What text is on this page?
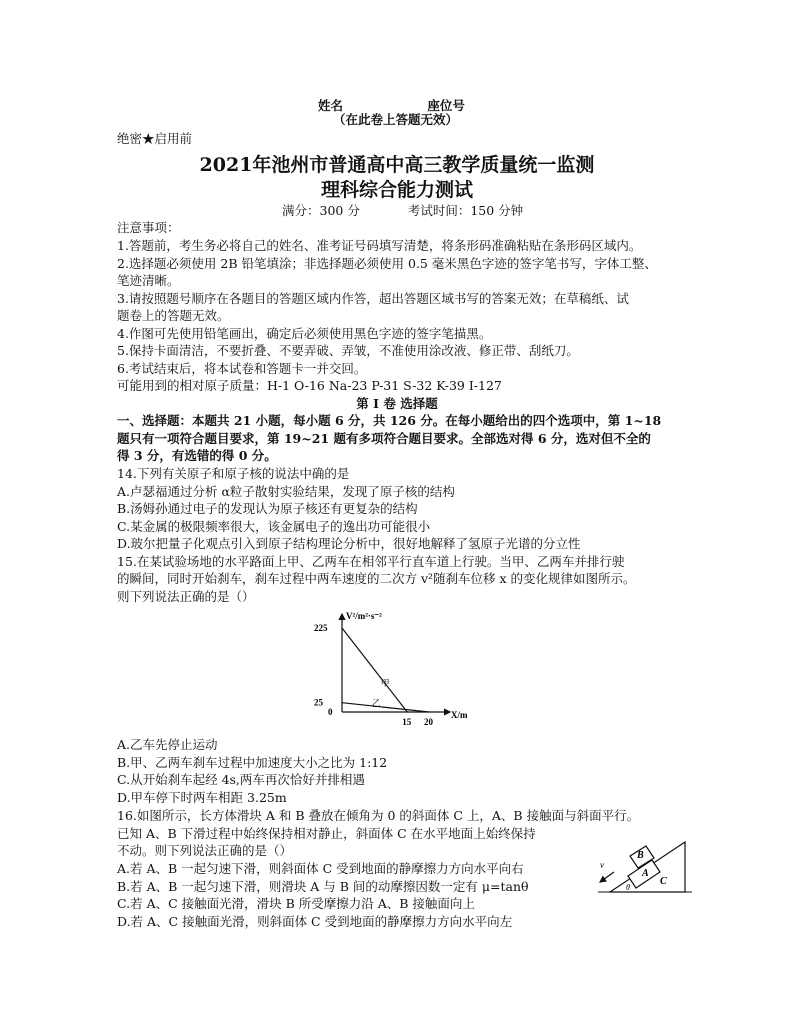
姓名	座位号
（在此卷上答题无效）
绝密★启用前
2021年池州市普通高中高三教学质量统一监测
理科综合能力测试
满分：300 分	考试时间：150 分钟
注意事项：
1.答题前，考生务必将自己的姓名、准考证号码填写清楚，将条形码准确粘贴在条形码区域内。
2.选择题必须使用 2B 铅笔填涂；非选择题必须使用 0.5 毫米黑色字迹的签字笔书写，字体工整、
笔迹清晰。
3.请按照题号顺序在各题目的答题区域内作答，超出答题区域书写的答案无效；在草稿纸、试
题卷上的答题无效。
4.作图可先使用铅笔画出，确定后必须使用黑色字迹的签字笔描黑。
5.保持卡面清洁，不要折叠、不要弄破、弄皱，不准使用涂改液、修正带、刮纸刀。
6.考试结束后，将本试卷和答题卡一并交回。
可能用到的相对原子质量：H-1 O-16 Na-23 P-31 S-32 K-39 I-127
第 I 卷 选择题
一、选择题：本题共 21 小题，每小题 6 分，共 126 分。在每小题给出的四个选项中，第 1~18
题只有一项符合题目要求，第 19~21 题有多项符合题目要求。全部选对得 6 分，选对但不全的
得 3 分，有选错的得 0 分。
14.下列有关原子和原子核的说法中确的是
A.卢瑟福通过分析 α粒子散射实验结果，发现了原子核的结构
B.汤姆孙通过电子的发现认为原子核还有更复杂的结构
C.某金属的极限频率很大，该金属电子的逸出功可能很小
D.玻尔把量子化观点引入到原子结构理论分析中，很好地解释了氢原子光谱的分立性
15.在某试验场地的水平路面上甲、乙两车在相邻平行直车道上行驶。当甲、乙两车并排行驶
的瞬间，同时开始刹车，刹车过程中两车速度的二次方 v²随刹车位移 x 的变化规律如图所示。
则下列说法正确的是（）
甲
乙
V²/m²·s⁻²
X/m
0
225
25
15 20
A.乙车先停止运动
B.甲、乙两车刹车过程中加速度大小之比为 1:12
C.从开始刹车起经 4s,两车再次恰好并排相遇
D.甲车停下时两车相距 3.25m
16.如图所示，长方体滑块 A 和 B 叠放在倾角为 0 的斜面体 C 上，A、B 接触面与斜面平行。
已知 A、B 下滑过程中始终保持相对静止，斜面体 C 在水平地面上始终保持
不动。则下列说法正确的是（）
A.若 A、B 一起匀速下滑，则斜面体 C 受到地面的静摩擦力方向水平向右
B.若 A、B 一起匀速下滑，则滑块 A 与 B 间的动摩擦因数一定有 μ=tanθ
C.若 A、C 接触面光滑，滑块 B 所受摩擦力沿 A、B 接触面向上
D.若 A、C 接触面光滑，则斜面体 C 受到地面的静摩擦力方向水平向左
B
A
C
v
θ
